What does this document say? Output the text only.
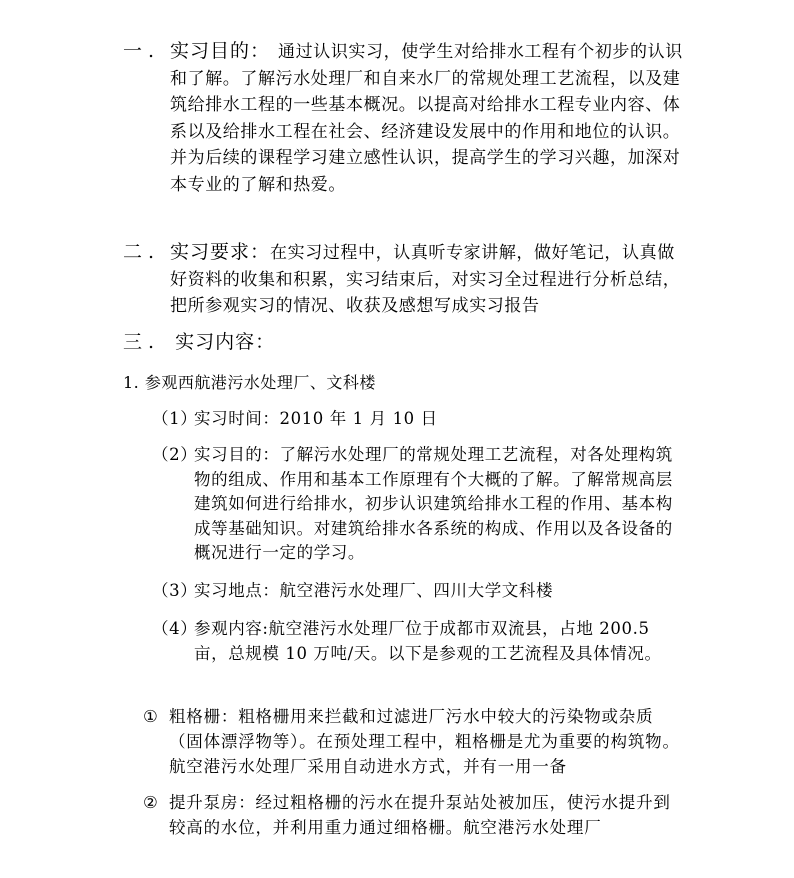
一. 实习目的： 通过认识实习，使学生对给排水工程有个初步的认识和了解。了解污水处理厂和自来水厂的常规处理工艺流程，以及建筑给排水工程的一些基本概况。以提高对给排水工程专业内容、体系以及给排水工程在社会、经济建设发展中的作用和地位的认识。并为后续的课程学习建立感性认识，提高学生的学习兴趣，加深对本专业的了解和热爱。
二. 实习要求：在实习过程中，认真听专家讲解，做好笔记，认真做好资料的收集和积累，实习结束后，对实习全过程进行分析总结，把所参观实习的情况、收获及感想写成实习报告
三. 实习内容：
1. 参观西航港污水处理厂、文科楼
（1）
实习时间：2010 年 1 月 10 日
（2）
实习目的：了解污水处理厂的常规处理工艺流程，对各处理构筑物的组成、作用和基本工作原理有个大概的了解。了解常规高层建筑如何进行给排水，初步认识建筑给排水工程的作用、基本构成等基础知识。对建筑给排水各系统的构成、作用以及各设备的概况进行一定的学习。
（3）
实习地点：航空港污水处理厂、四川大学文科楼
（4）
参观内容:航空港污水处理厂位于成都市双流县，占地 200.5 亩，总规模 10 万吨/天。以下是参观的工艺流程及具体情况。
① 粗格栅：粗格栅用来拦截和过滤进厂污水中较大的污染物或杂质（固体漂浮物等）。在预处理工程中，粗格栅是尤为重要的构筑物。航空港污水处理厂采用自动进水方式，并有一用一备
② 提升泵房：经过粗格栅的污水在提升泵站处被加压，使污水提升到较高的水位，并利用重力通过细格栅。航空港污水处理厂
